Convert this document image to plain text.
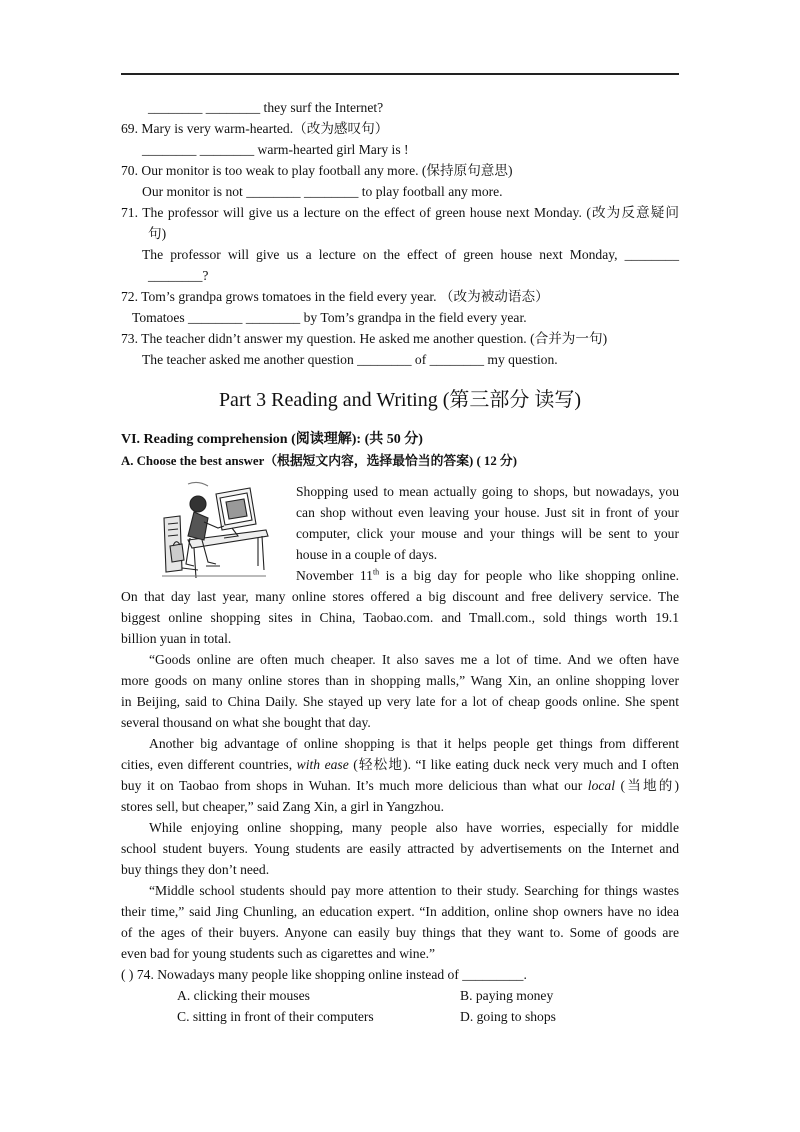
________ ________ they surf the Internet?
69. Mary is very warm-hearted.（改为感叹句）
________ ________ warm-hearted girl Mary is !
70. Our monitor is too weak to play football any more. (保持原句意思)
Our monitor is not ________ ________ to play football any more.
71. The professor will give us a lecture on the effect of green house next Monday. (改为反意疑问
句)
The professor will give us a lecture on the effect of green house next Monday, ________
________?
72. Tom’s grandpa grows tomatoes in the field every year. （改为被动语态）
Tomatoes ________ ________ by Tom’s grandpa in the field every year.
73. The teacher didn’t answer my question. He asked me another question. (合并为一句)
The teacher asked me another question ________ of ________ my question.
Part 3 Reading and Writing (第三部分 读写)
VI. Reading comprehension (阅读理解): (共 50 分)
A. Choose the best answer（根据短文内容，选择最恰当的答案) ( 12 分)
Shopping used to mean actually going to shops, but nowadays, you
can shop without even leaving your house. Just sit in front of your
computer, click your mouse and your things will be sent to your
house in a couple of days.
November 11th is a big day for people who like shopping online.
On that day last year, many online stores offered a big discount and free delivery service. The
biggest online shopping sites in China, Taobao.com. and Tmall.com., sold things worth 19.1
billion yuan in total.
“Goods online are often much cheaper. It also saves me a lot of time. And we often have
more goods on many online stores than in shopping malls,” Wang Xin, an online shopping lover
in Beijing, said to China Daily. She stayed up very late for a lot of cheap goods online. She spent
several thousand on what she bought that day.
Another big advantage of online shopping is that it helps people get things from different
cities, even different countries, with ease (轻松地). “I like eating duck neck very much and I often
buy it on Taobao from shops in Wuhan. It’s much more delicious than what our local (当地的)
stores sell, but cheaper,” said Zang Xin, a girl in Yangzhou.
While enjoying online shopping, many people also have worries, especially for middle
school student buyers. Young students are easily attracted by advertisements on the Internet and
buy things they don’t need.
“Middle school students should pay more attention to their study. Searching for things wastes
their time,” said Jing Chunling, an education expert. “In addition, online shop owners have no idea
of the ages of their buyers. Anyone can easily buy things that they want to. Some of goods are
even bad for young students such as cigarettes and wine.”
( ) 74. Nowadays many people like shopping online instead of _________.
A. clicking their mouses	B. paying money
C. sitting in front of their computers	D. going to shops
